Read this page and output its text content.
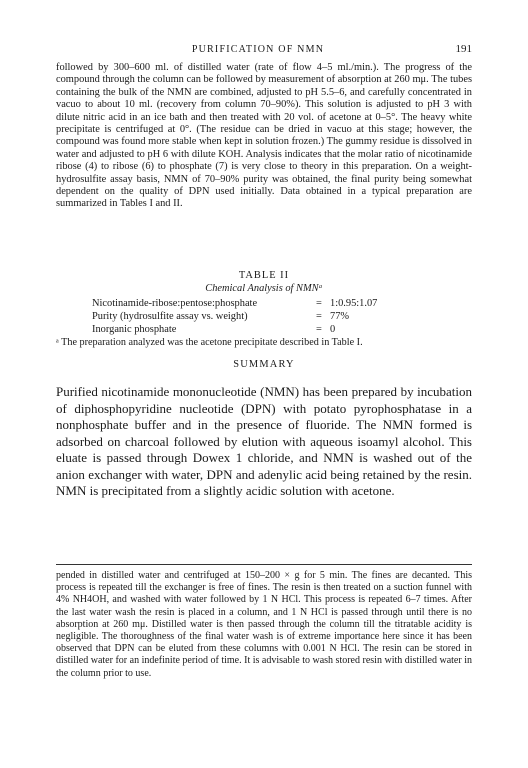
PURIFICATION OF NMN	191

followed by 300–600 ml. of distilled water (rate of flow 4–5 ml./min.). The progress of the compound through the column can be followed by measurement of absorption at 260 mμ. The tubes containing the bulk of the NMN are combined, adjusted to pH 5.5–6, and carefully concentrated in vacuo to about 10 ml. (recovery from column 70–90%). This solution is adjusted to pH 3 with dilute nitric acid in an ice bath and then treated with 20 vol. of acetone at 0–5°. The heavy white precipitate is centrifuged at 0°. (The residue can be dried in vacuo at this stage; however, the compound was found more stable when kept in solution frozen.) The gummy residue is dissolved in water and adjusted to pH 6 with dilute KOH. Analysis indicates that the molar ratio of nicotinamide ribose (4) to ribose (6) to phosphate (7) is very close to theory in this preparation. On a weight-hydrosulfite assay basis, NMN of 70–90% purity was obtained, the final purity being somewhat dependent on the quality of DPN used initially. Data obtained in a typical preparation are summarized in Tables I and II.

TABLE II
Chemical Analysis of NMNᵃ
Nicotinamide-ribose:pentose:phosphate	= 1:0.95:1.07
Purity (hydrosulfite assay vs. weight)	= 77%
Inorganic phosphate	= 0
ᵃ The preparation analyzed was the acetone precipitate described in Table I.
SUMMARY

Purified nicotinamide mononucleotide (NMN) has been prepared by incubation of diphosphopyridine nucleotide (DPN) with potato pyrophosphatase in a nonphosphate buffer and in the presence of fluoride. The NMN formed is adsorbed on charcoal followed by elution with aqueous isoamyl alcohol. This eluate is passed through Dowex 1 chloride, and NMN is washed out of the anion exchanger with water, DPN and adenylic acid being retained by the resin. NMN is precipitated from a slightly acidic solution with acetone.

pended in distilled water and centrifuged at 150–200 × g for 5 min. The fines are decanted. This process is repeated till the exchanger is free of fines. The resin is then treated on a suction funnel with 4% NH4OH, and washed with water followed by 1 N HCl. This process is repeated 6–7 times. After the last water wash the resin is placed in a column, and 1 N HCl is passed through until there is no absorption at 260 mμ. Distilled water is then passed through the column till the titratable acidity is negligible. The thoroughness of the final water wash is of extreme importance here since it has been observed that DPN can be eluted from these columns with 0.001 N HCl. The resin can be stored in distilled water for an indefinite period of time. It is advisable to wash stored resin with distilled water in the column prior to use.
